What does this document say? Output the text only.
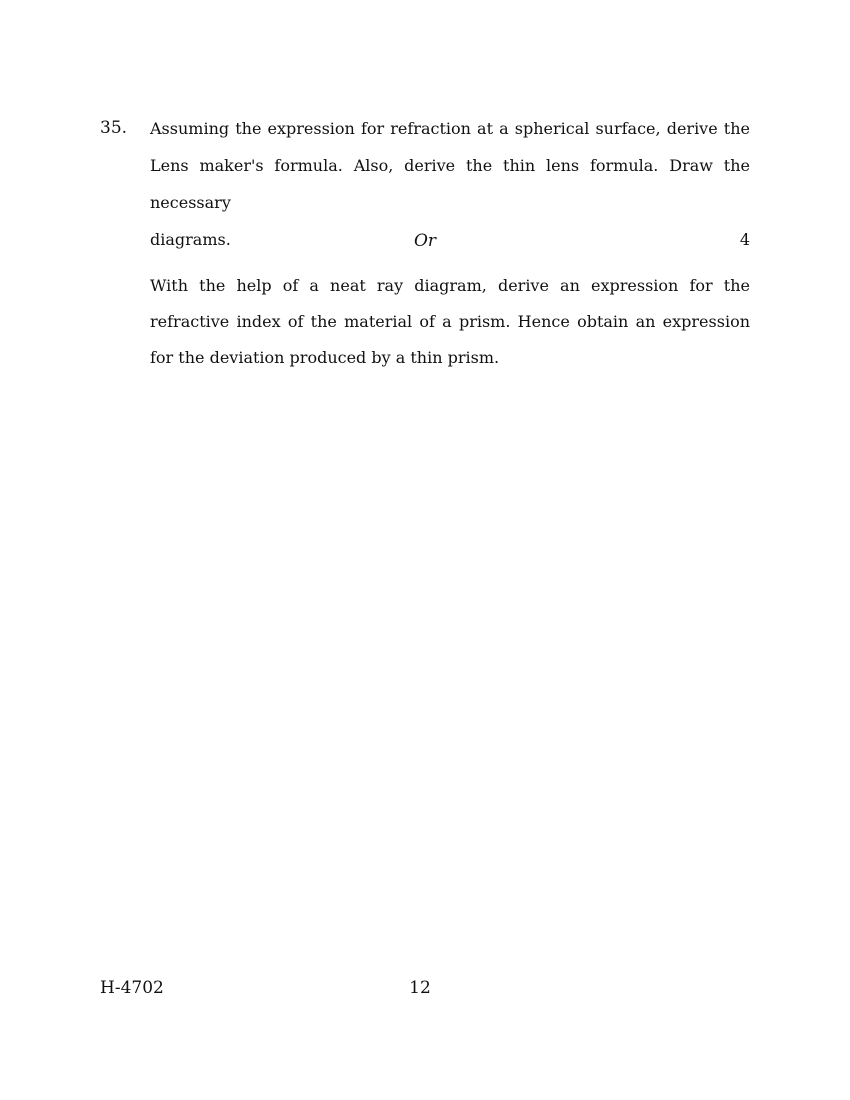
35. Assuming the expression for refraction at a spherical surface, derive the Lens maker's formula. Also, derive the thin lens formula. Draw the necessary

diagrams.	4
Or

With the help of a neat ray diagram, derive an expression for the refractive index of the material of a prism. Hence obtain an expression for the deviation produced by a thin prism.

H-4702	12
